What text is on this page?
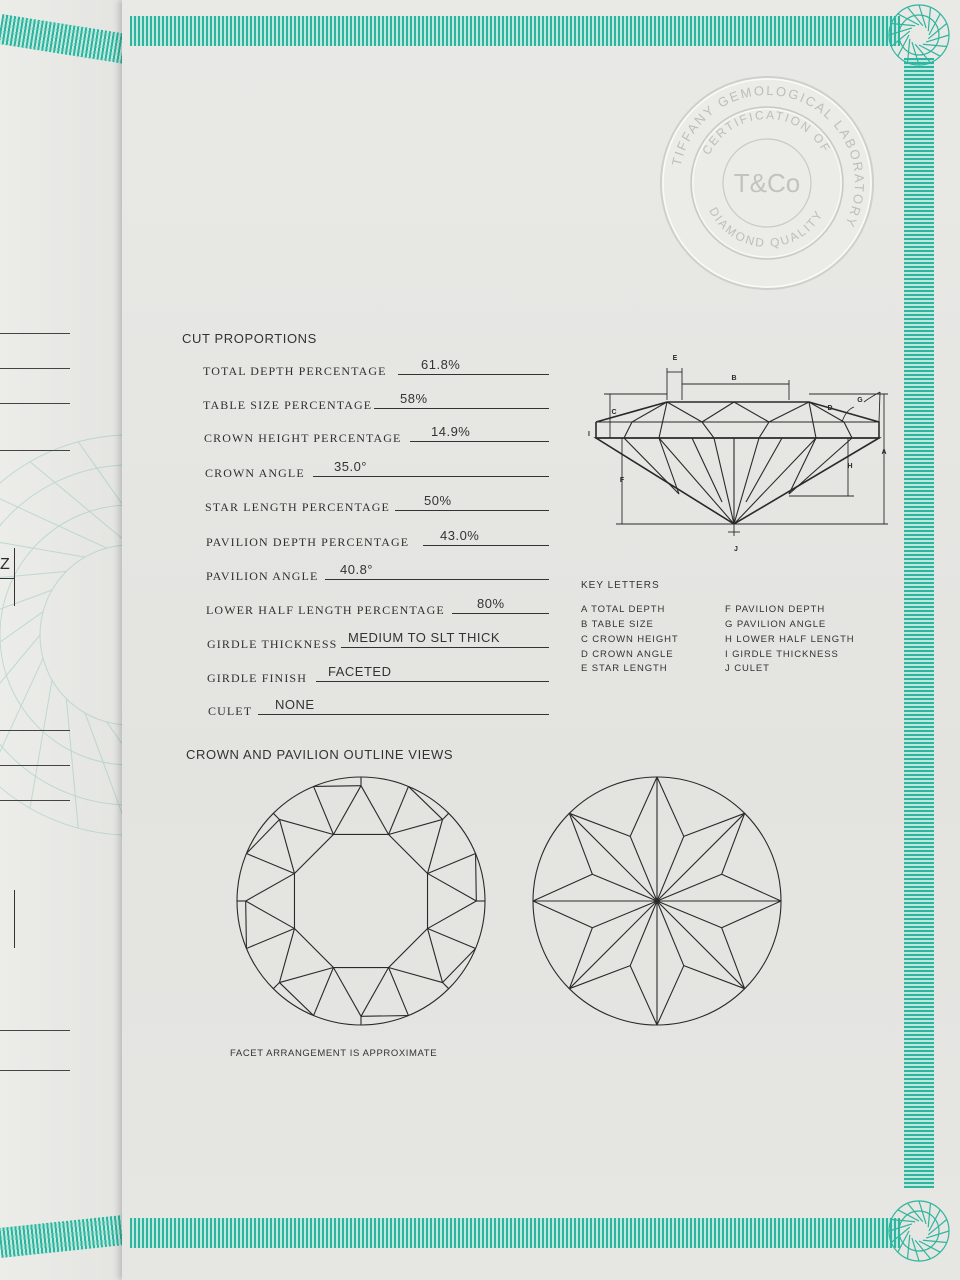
Z
TIFFANY GEMOLOGICAL LABORATORY
CERTIFICATION OF
DIAMOND QUALITY
T&Co
CUT PROPORTIONS
TOTAL DEPTH PERCENTAGE	61.8%
TABLE SIZE PERCENTAGE 58%
CROWN HEIGHT PERCENTAGE 14.9%
CROWN ANGLE 35.0°
STAR LENGTH PERCENTAGE	50%
PAVILION DEPTH PERCENTAGE 43.0%
PAVILION ANGLE 40.8°
LOWER HALF LENGTH PERCENTAGE 80%
GIRDLE THICKNESS MEDIUM TO SLT THICK
GIRDLE FINISH FACETED
CULET NONE
E
B
C
D
G
I
A
H
F
J
KEY LETTERS
A TOTAL DEPTH
B TABLE SIZE
C CROWN HEIGHT
D CROWN ANGLE
E STAR LENGTH
F PAVILION DEPTH
G PAVILION ANGLE
H LOWER HALF LENGTH
I GIRDLE THICKNESS
J CULET
CROWN AND PAVILION OUTLINE VIEWS
FACET ARRANGEMENT IS APPROXIMATE
